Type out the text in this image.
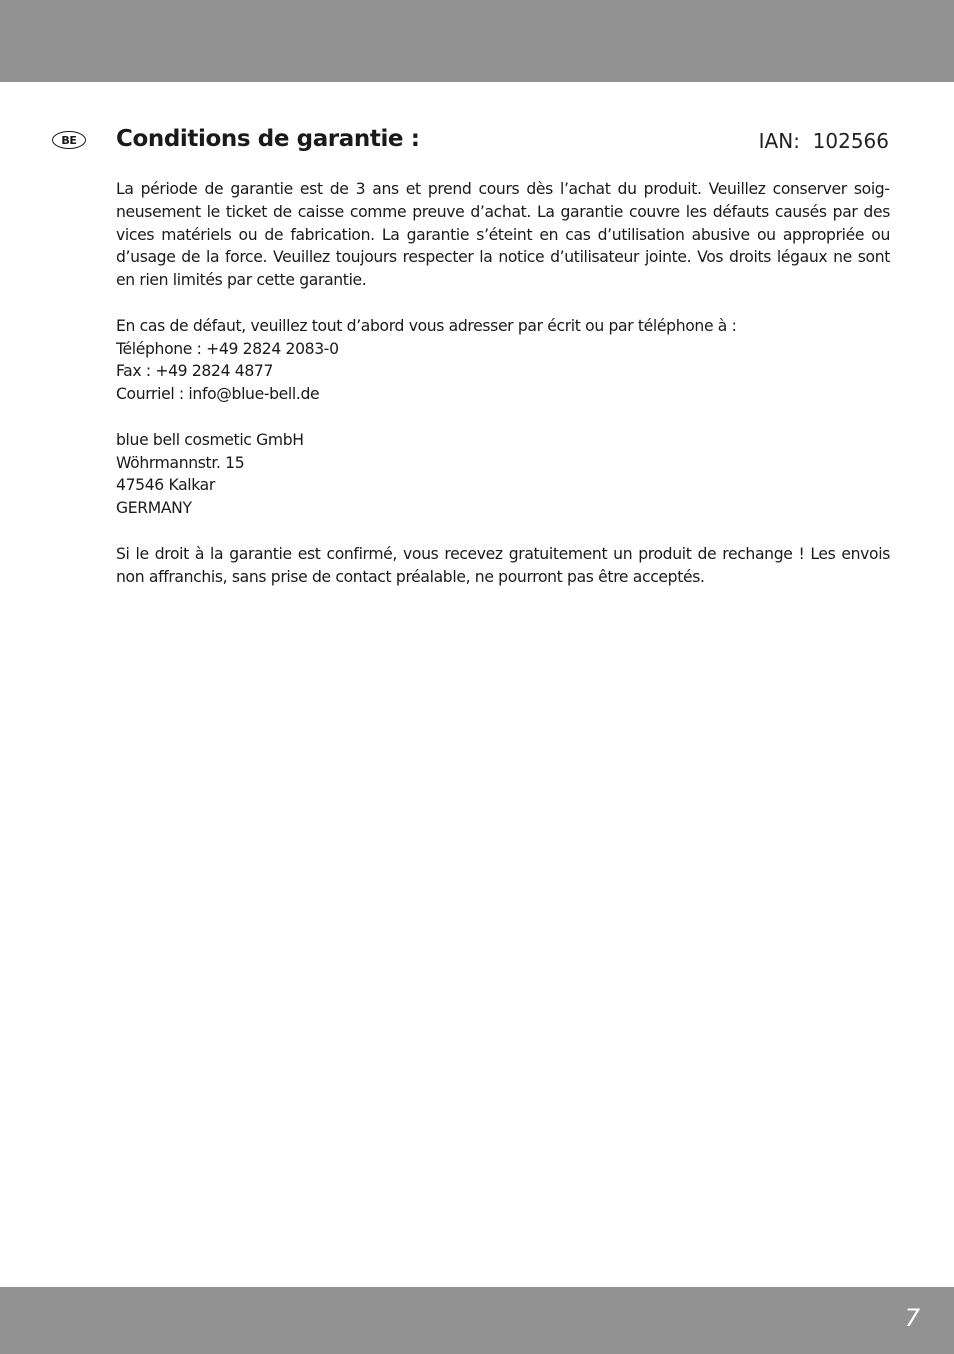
BE Conditions de garantie :	IAN:  102566

La période de garantie est de 3 ans et prend cours dès l’achat du produit. Veuillez conserver soigneusement le ticket de caisse comme preuve d’achat. La garantie couvre les défauts causés par des vices matériels ou de fabrication. La garantie s’éteint en cas d’utilisation abusive ou appropriée ou d’usage de la force. Veuillez toujours respecter la notice d’utilisateur jointe. Vos droits légaux ne sont en rien limités par cette garantie.

En cas de défaut, veuillez tout d’abord vous adresser par écrit ou par téléphone à :

Téléphone : +49 2824 2083-0

Fax : +49 2824 4877

Courriel : info@blue-bell.de

blue bell cosmetic GmbH

Wöhrmannstr. 15

47546 Kalkar

GERMANY

Si le droit à la garantie est confirmé, vous recevez gratuitement un produit de rechange ! Les envois non affranchis, sans prise de contact préalable, ne pourront pas être acceptés.

7
